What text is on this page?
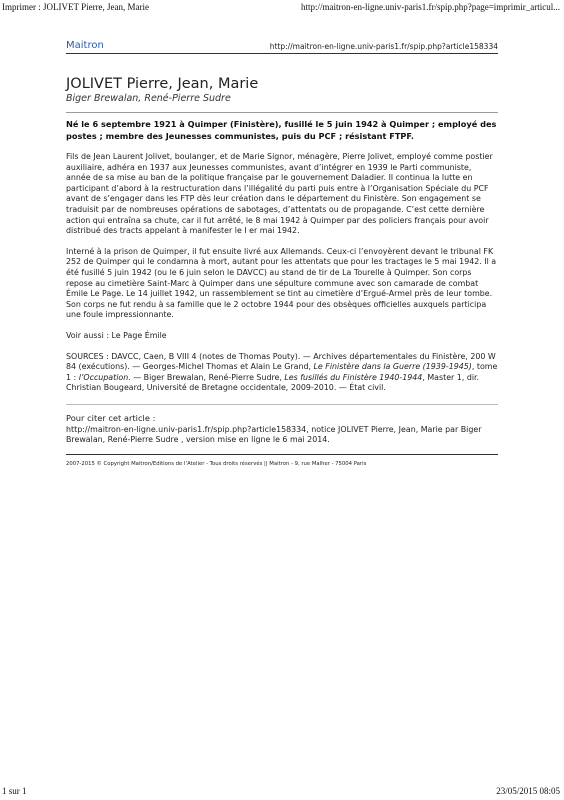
Imprimer : JOLIVET Pierre, Jean, Marie	http://maitron-en-ligne.univ-paris1.fr/spip.php?page=imprimir_articul...
Maitron	http://maitron-en-ligne.univ-paris1.fr/spip.php?article158334
JOLIVET Pierre, Jean, Marie
Biger Brewalan, René-Pierre Sudre
Né le 6 septembre 1921 à Quimper (Finistère), fusillé le 5 juin 1942 à Quimper ; employé des postes ; membre des Jeunesses communistes, puis du PCF ; résistant FTPF.

Fils de Jean Laurent Jolivet, boulanger, et de Marie Signor, ménagère, Pierre Jolivet, employé comme postier auxiliaire, adhéra en 1937 aux Jeunesses communistes, avant d’intégrer en 1939 le Parti communiste, année de sa mise au ban de la politique française par le gouvernement Daladier. Il continua la lutte en participant d’abord à la restructuration dans l’illégalité du parti puis entre à l’Organisation Spéciale du PCF avant de s’engager dans les FTP dès leur création dans le département du Finistère. Son engagement se traduisit par de nombreuses opérations de sabotages, d’attentats ou de propagande. C’est cette dernière action qui entraîna sa chute, car il fut arrêté, le 8 mai 1942 à Quimper par des policiers français pour avoir distribué des tracts appelant à manifester le I er mai 1942.

Interné à la prison de Quimper, il fut ensuite livré aux Allemands. Ceux-ci l’envoyèrent devant le tribunal FK 252 de Quimper qui le condamna à mort, autant pour les attentats que pour les tractages le 5 mai 1942. Il a été fusillé 5 juin 1942 (ou le 6 juin selon le DAVCC) au stand de tir de La Tourelle à Quimper. Son corps repose au cimetière Saint-Marc à Quimper dans une sépulture commune avec son camarade de combat Émile Le Page. Le 14 juillet 1942, un rassemblement se tint au cimetière d’Ergué-Armel près de leur tombe. Son corps ne fut rendu à sa famille que le 2 octobre 1944 pour des obsèques officielles auxquels participa une foule impressionnante.

Voir aussi : Le Page Émile

SOURCES : DAVCC, Caen, B VIII 4 (notes de Thomas Pouty). — Archives départementales du Finistère, 200 W 84 (exécutions). — Georges-Michel Thomas et Alain Le Grand, Le Finistère dans la Guerre (1939-1945), tome 1 : l’Occupation. — Biger Brewalan, René-Pierre Sudre, Les fusillés du Finistère 1940-1944, Master 1, dir. Christian Bougeard, Université de Bretagne occidentale, 2009-2010. — État civil.

Pour citer cet article :
http://maitron-en-ligne.univ-paris1.fr/spip.php?article158334, notice JOLIVET Pierre, Jean, Marie par Biger Brewalan, René-Pierre Sudre , version mise en ligne le 6 mai 2014.
2007-2015 © Copyright Maitron/Editions de l’Atelier - Tous droits réservés || Maitron - 9, rue Malher - 75004 Paris
1 sur 1	23/05/2015 08:05
